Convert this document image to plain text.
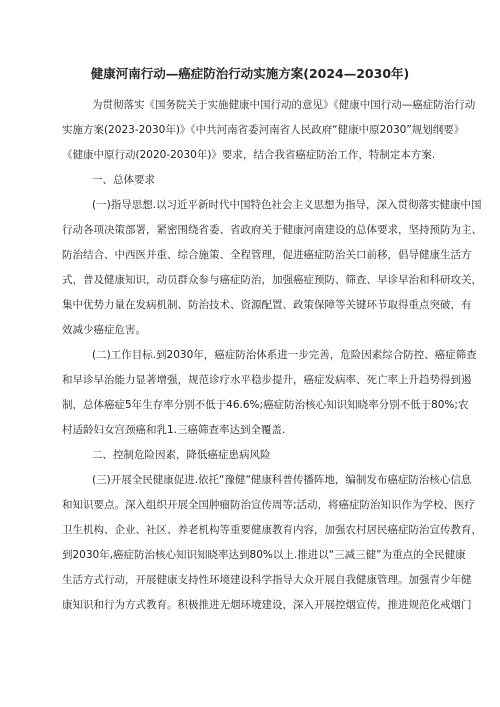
健康河南行动—癌症防治行动实施方案(2024—2030年)
为贯彻落实《国务院关于实施健康中国行动的意见》《健康中国行动—癌症防治行动
实施方案(2023-2030年)》《中共河南省委河南省人民政府“健康中原2030”规划纲要》
《健康中原行动(2020-2030年)》要求，结合我省癌症防治工作，特制定本方案.
一、总体要求
(一)指导思想.以习近平新时代中国特色社会主义思想为指导，深入贯彻落实健康中国
行动各项决策部署，紧密围绕省委、省政府关于健康河南建设的总体要求，坚持预防为主、
防治结合、中西医并重、综合施策、全程管理，促进癌症防治关口前移，倡导健康生活方
式，普及健康知识，动员群众参与癌症防治，加强癌症预防、筛查、早诊早治和科研攻关，
集中优势力量在发病机制、防治技术、资源配置、政策保障等关键环节取得重点突破，有
效减少癌症危害。
(二)工作目标.到2030年，癌症防治体系进一步完善，危险因素综合防控、癌症筛查
和早诊早治能力显著增强，规范诊疗水平稳步提升，癌症发病率、死亡率上升趋势得到遏
制，总体癌症5年生存率分别不低于46.6%;癌症防治核心知识知晓率分别不低于80%;农
村适龄妇女宫颈癌和乳1.三癌筛查率达到全覆盖.
二、控制危险因素，降低癌症患病风险
(三)开展全民健康促进.依托“豫健“健康科普传播阵地，编制发布癌症防治核心信息
和知识要点。深入组织开展全国肿瘤防治宣传周等;活动，将癌症防治知识作为学校、医疗
卫生机构、企业、社区、养老机构等重要健康教育内容，加强农村居民癌症防治宣传教育，
到2030年,癌症防治核心知识知晓率达到80%以上.推进以“三减三健”为重点的全民健康
生活方式行动，开展健康支持性环境建设科学指导大众开展自我健康管理。加强青少年健
康知识和行为方式教育。积极推进无烟环境建设，深入开展控烟宣传，推进规范化戒烟门
